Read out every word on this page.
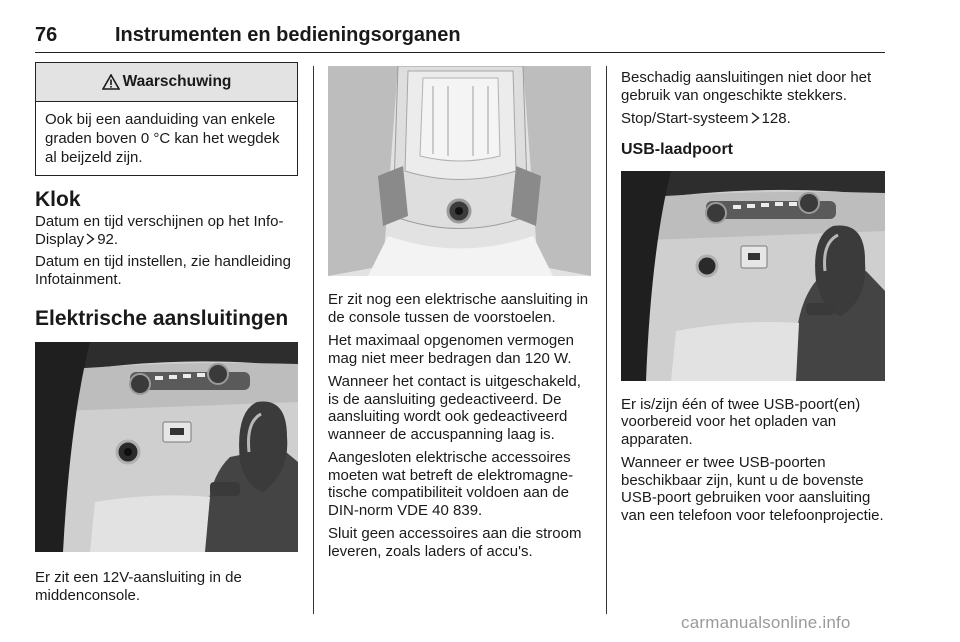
76	Instrumenten en bedieningsorganen
Waarschuwing
Ook bij een aanduiding van enkele graden boven 0 °C kan het wegdek al beijzeld zijn.
Klok

Datum en tijd verschijnen op het Info-Display 92.

Datum en tijd instellen, zie handleiding Infotainment.

Elektrische aansluitingen

Er zit een 12V-aansluiting in de middenconsole.

Er zit nog een elektrische aansluiting in de console tussen de voorstoelen.

Het maximaal opgenomen vermogen mag niet meer bedragen dan 120 W.

Wanneer het contact is uitgeschakeld, is de aansluiting gedeactiveerd. De aansluiting wordt ook gedeactiveerd wanneer de accuspanning laag is.

Aangesloten elektrische accessoires moeten wat betreft de elektromagnetische compatibiliteit voldoen aan de DIN-norm VDE 40 839.

Sluit geen accessoires aan die stroom leveren, zoals laders of accu's.

Beschadig aansluitingen niet door het gebruik van ongeschikte stekkers.

Stop/Start-systeem 128.

USB-laadpoort

Er is/zijn één of twee USB-poort(en) voorbereid voor het opladen van apparaten.

Wanneer er twee USB-poorten beschikbaar zijn, kunt u de bovenste USB-poort gebruiken voor aansluiting van een telefoon voor telefoonprojectie.

carmanualsonline.info
